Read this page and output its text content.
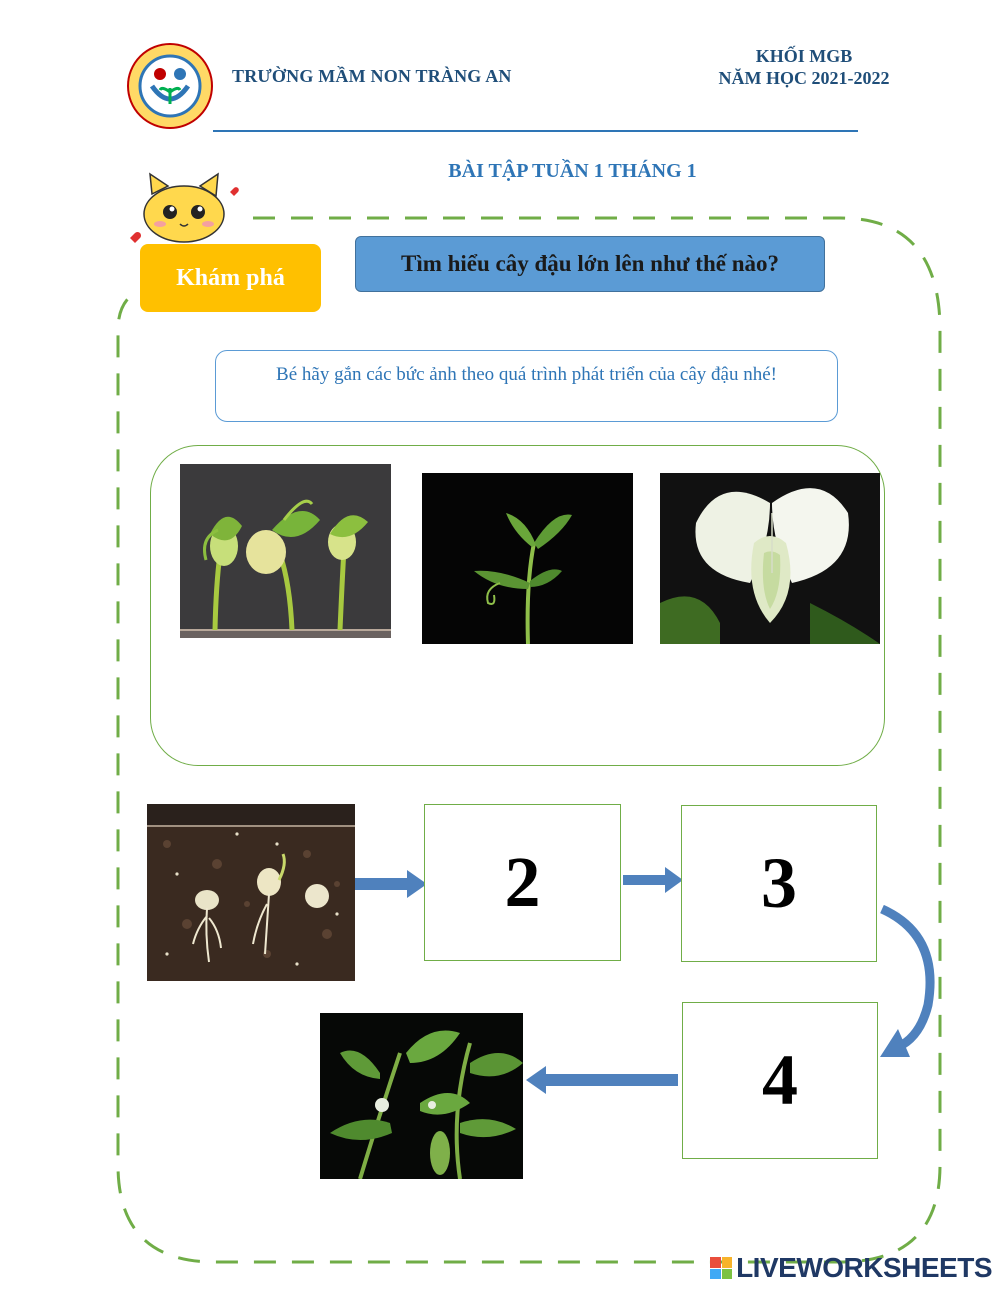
TRƯỜNG MẦM NON TRÀNG AN
KHỐI MGB
NĂM HỌC 2021-2022
BÀI TẬP TUẦN 1 THÁNG 1
Khám phá
Tìm hiểu cây đậu lớn lên như thế nào?
Bé hãy gắn các bức ảnh theo quá trình phát triển của cây đậu nhé!
2	3
4
LIVEWORKSHEETS
